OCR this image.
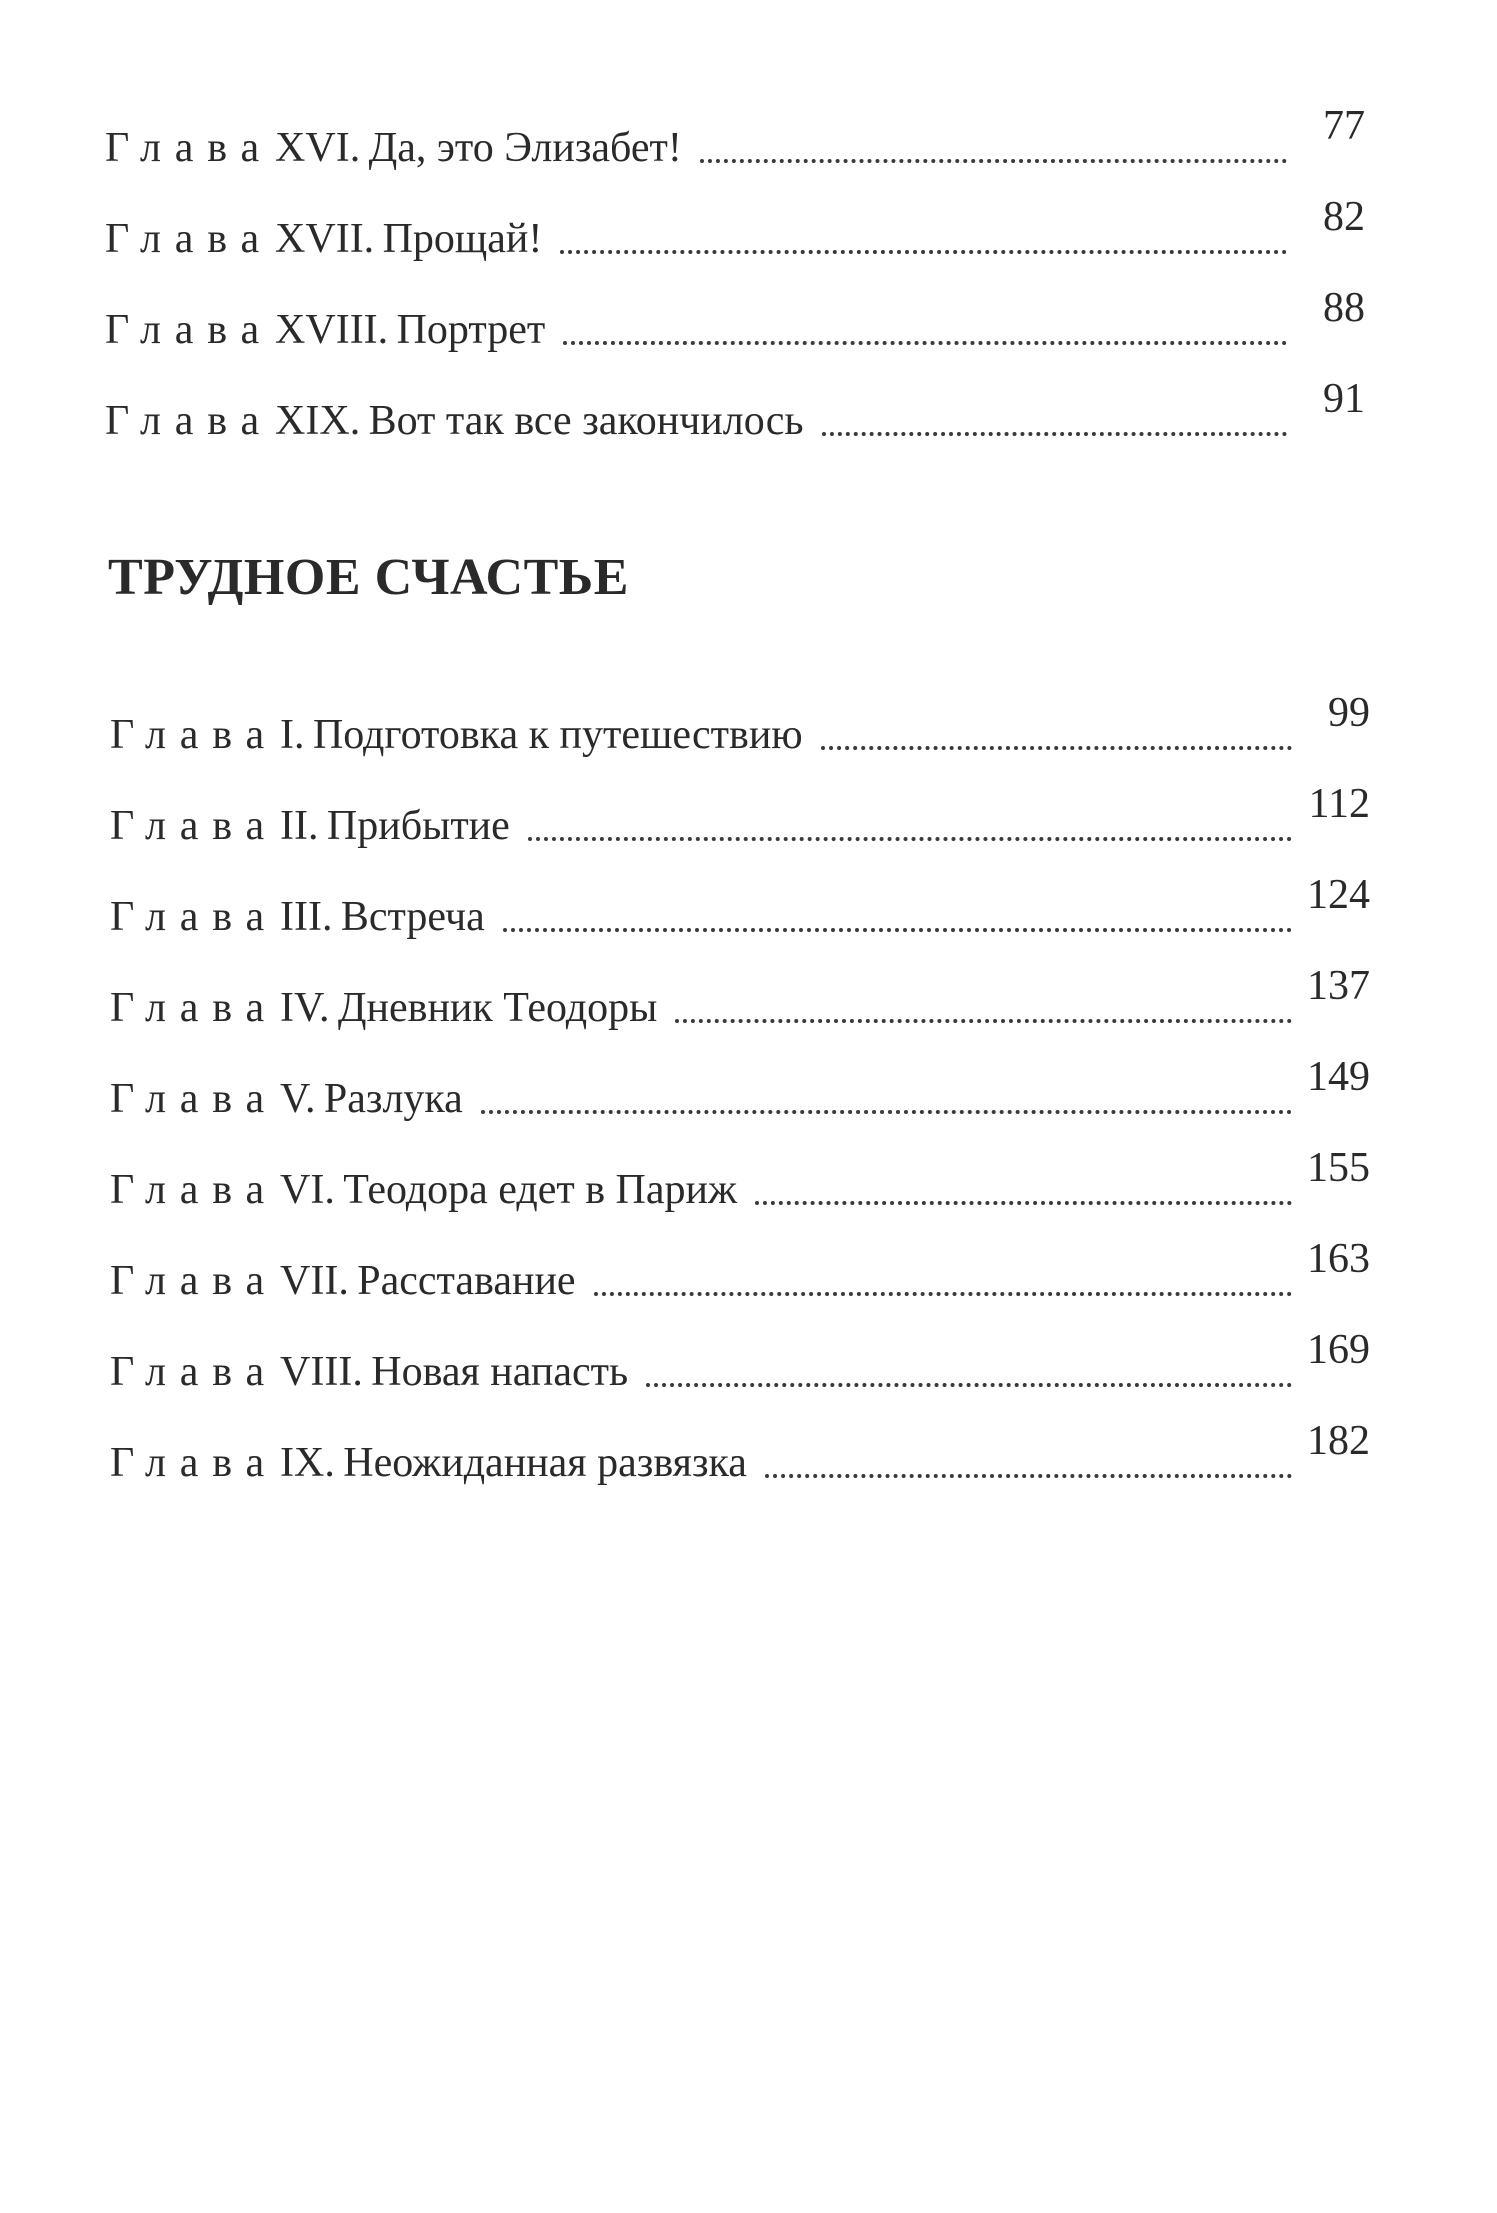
Глава XVI. Да, это Элизабет!	77
Глава XVII. Прощай!	82
Глава XVIII. Портрет	88
Глава XIX. Вот так все закончилось	91
ТРУДНОЕ СЧАСТЬЕ
Глава I. Подготовка к путешествию	99
Глава II. Прибытие	112
Глава III. Встреча	124
Глава IV. Дневник Теодоры	137
Глава V. Разлука	149
Глава VI. Теодора едет в Париж	155
Глава VII. Расставание	163
Глава VIII. Новая напасть	169
Глава IX. Неожиданная развязка	182
